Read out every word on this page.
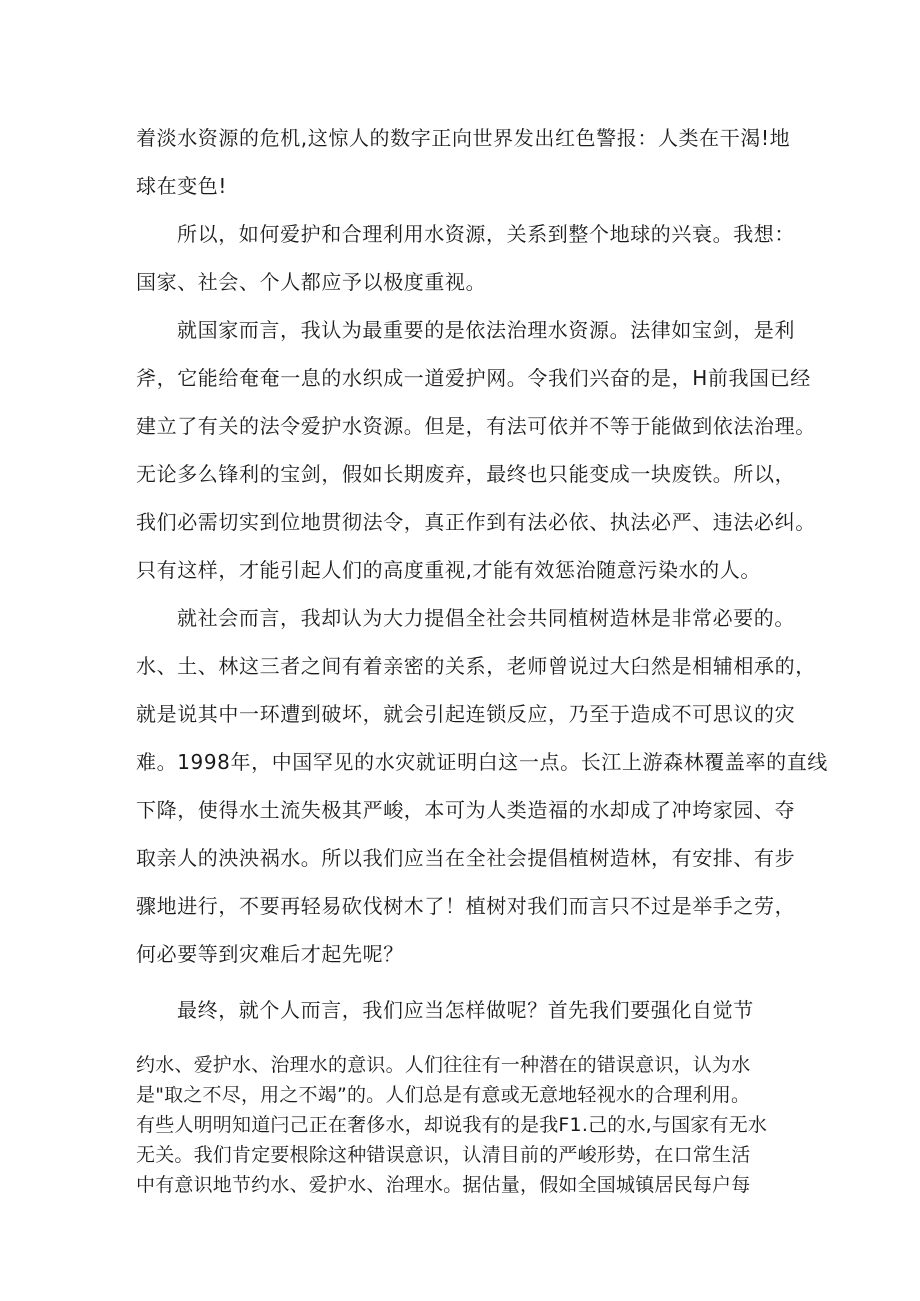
着淡水资源的危机,这惊人的数字正向世界发出红色警报：人类在干渴!地

球在变色!

所以，如何爱护和合理利用水资源，关系到整个地球的兴衰。我想：

国家、社会、个人都应予以极度重视。

就国家而言，我认为最重要的是依法治理水资源。法律如宝剑，是利

斧，它能给奄奄一息的水织成一道爱护网。令我们兴奋的是，H前我国已经

建立了有关的法令爱护水资源。但是，有法可依并不等于能做到依法治理。

无论多么锋利的宝剑，假如长期废弃，最终也只能变成一块废铁。所以，

我们必需切实到位地贯彻法令，真正作到有法必依、执法必严、违法必纠。

只有这样，才能引起人们的高度重视,才能有效惩治随意污染水的人。

就社会而言，我却认为大力提倡全社会共同植树造林是非常必要的。

水、土、林这三者之间有着亲密的关系，老师曾说过大臼然是相辅相承的，

就是说其中一环遭到破坏，就会引起连锁反应，乃至于造成不可思议的灾

难。1998年，中国罕见的水灾就证明白这一点。长江上游森林覆盖率的直线

下降，使得水土流失极其严峻，本可为人类造福的水却成了冲垮家园、夺

取亲人的泱泱祸水。所以我们应当在全社会提倡植树造林，有安排、有步

骤地进行，不要再轻易砍伐树木了！植树对我们而言只不过是举手之劳，

何必要等到灾难后才起先呢？

最终，就个人而言，我们应当怎样做呢？首先我们要强化自觉节

约水、爱护水、治理水的意识。人们往往有一种潜在的错误意识，认为水

是"取之不尽，用之不竭”的。人们总是有意或无意地轻视水的合理利用。

有些人明明知道闩己正在奢侈水，却说我有的是我F1.己的水,与国家有无水

无关。我们肯定要根除这种错误意识，认清目前的严峻形势，在口常生活

中有意识地节约水、爱护水、治理水。据估量，假如全国城镇居民每户每
